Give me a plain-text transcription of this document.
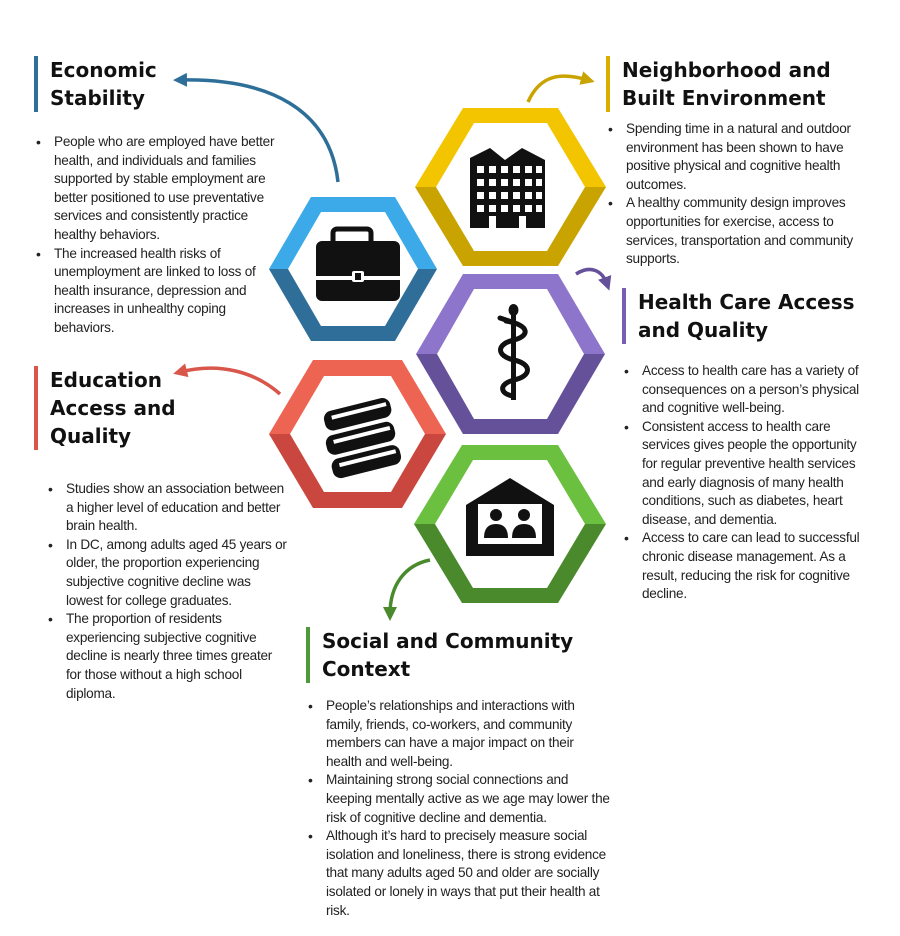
Economic
Stability
• People who are employed have better health, and individuals and families supported by stable employment are better positioned to use preventative services and consistently practice healthy behaviors.
• The increased health risks of unemployment are linked to loss of health insurance, depression and increases in unhealthy coping behaviors.
Neighborhood and
Built Environment
• Spending time in a natural and outdoor environment has been shown to have positive physical and cognitive health outcomes.
• A healthy community design improves opportunities for exercise, access to services, transportation and community supports.
Health Care Access
and Quality
• Access to health care has a variety of consequences on a person’s physical and cognitive well-being.
• Consistent access to health care services gives people the opportunity for regular preventive health services and early diagnosis of many health conditions, such as diabetes, heart disease, and dementia.
• Access to care can lead to successful chronic disease management. As a result, reducing the risk for cognitive decline.
Education
Access and
Quality
• Studies show an association between a higher level of education and better brain health.
• In DC, among adults aged 45 years or older, the proportion experiencing subjective cognitive decline was lowest for college graduates.
• The proportion of residents experiencing subjective cognitive decline is nearly three times greater for those without a high school diploma.
Social and Community
Context
• People’s relationships and interactions with family, friends, co-workers, and community members can have a major impact on their health and well-being.
• Maintaining strong social connections and keeping mentally active as we age may lower the risk of cognitive decline and dementia.
• Although it’s hard to precisely measure social isolation and loneliness, there is strong evidence that many adults aged 50 and older are socially isolated or lonely in ways that put their health at risk.
